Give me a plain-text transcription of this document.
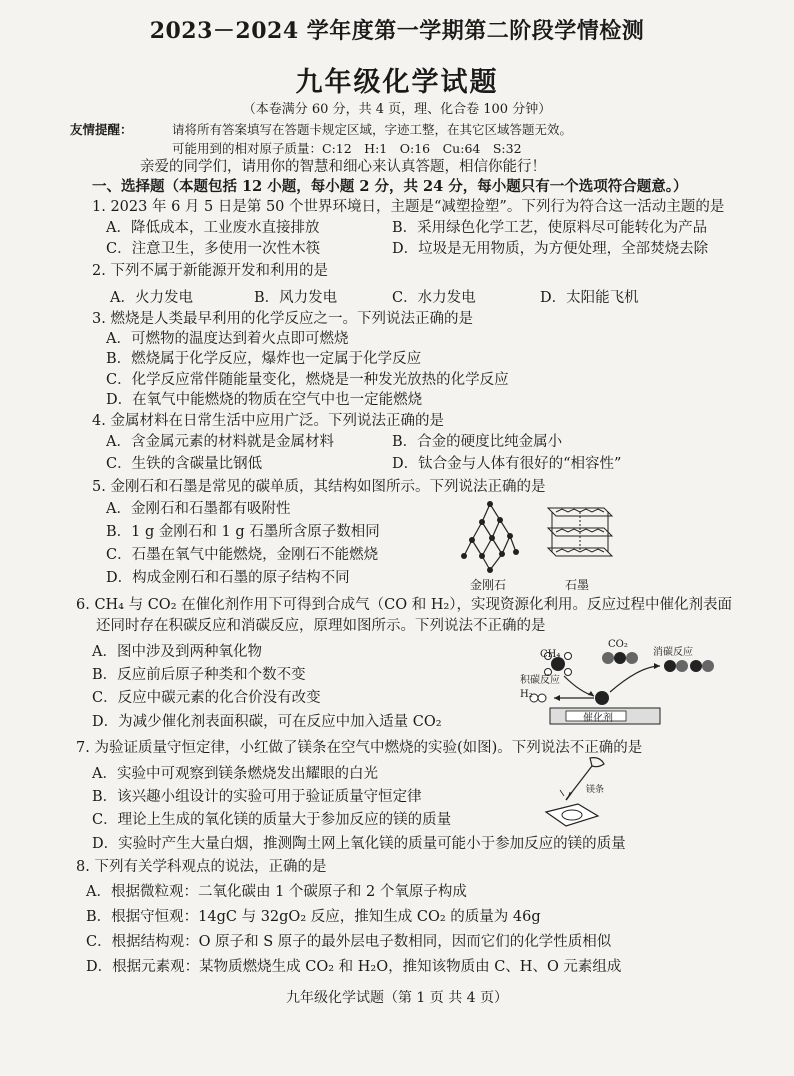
2023－2024 学年度第一学期第二阶段学情检测
九年级化学试题
（本卷满分 60 分，共 4 页，理、化合卷 100 分钟）
友情提醒：	请将所有答案填写在答题卡规定区域，字迹工整，在其它区域答题无效。
可能用到的相对原子质量：C:12　H:1　O:16　Cu:64　S:32
亲爱的同学们，请用你的智慧和细心来认真答题，相信你能行！
一、选择题（本题包括 12 小题，每小题 2 分，共 24 分，每小题只有一个选项符合题意。）
1. 2023 年 6 月 5 日是第 50 个世界环境日，主题是“减塑捡塑”。下列行为符合这一活动主题的是
A．降低成本，工业废水直接排放	B．采用绿色化学工艺，使原料尽可能转化为产品
C．注意卫生，多使用一次性木筷	D．垃圾是无用物质，为方便处理，全部焚烧去除
2. 下列不属于新能源开发和利用的是
A．火力发电	B．风力发电	C．水力发电	D．太阳能飞机
3. 燃烧是人类最早利用的化学反应之一。下列说法正确的是
A．可燃物的温度达到着火点即可燃烧
B．燃烧属于化学反应，爆炸也一定属于化学反应
C．化学反应常伴随能量变化，燃烧是一种发光放热的化学反应
D．在氧气中能燃烧的物质在空气中也一定能燃烧
4. 金属材料在日常生活中应用广泛。下列说法正确的是
A．含金属元素的材料就是金属材料	B．合金的硬度比纯金属小
C．生铁的含碳量比钢低	D．钛合金与人体有很好的“相容性”
5. 金刚石和石墨是常见的碳单质，其结构如图所示。下列说法正确的是
A．金刚石和石墨都有吸附性
B．1 g 金刚石和 1 g 石墨所含原子数相同
C．石墨在氧气中能燃烧，金刚石不能燃烧
D．构成金刚石和石墨的原子结构不同	金刚石	石墨
6. CH₄ 与 CO₂ 在催化剂作用下可得到合成气（CO 和 H₂），实现资源化利用。反应过程中催化剂表面
还同时存在积碳反应和消碳反应，原理如图所示。下列说法不正确的是
A．图中涉及到两种氧化物
B．反应前后原子种类和个数不变
C．反应中碳元素的化合价没有改变
D．为减少催化剂表面积碳，可在反应中加入适量 CO₂
CH₄
CO₂
消碳反应
积碳反应
H₂
催化剂
7. 为验证质量守恒定律，小红做了镁条在空气中燃烧的实验(如图)。下列说法不正确的是
A．实验中可观察到镁条燃烧发出耀眼的白光
B．该兴趣小组设计的实验可用于验证质量守恒定律
C．理论上生成的氧化镁的质量大于参加反应的镁的质量
D．实验时产生大量白烟，推测陶土网上氧化镁的质量可能小于参加反应的镁的质量
镁条
8. 下列有关学科观点的说法，正确的是
A．根据微粒观：二氧化碳由 1 个碳原子和 2 个氧原子构成
B．根据守恒观：14gC 与 32gO₂ 反应，推知生成 CO₂ 的质量为 46g
C．根据结构观：O 原子和 S 原子的最外层电子数相同，因而它们的化学性质相似
D．根据元素观：某物质燃烧生成 CO₂ 和 H₂O，推知该物质由 C、H、O 元素组成
九年级化学试题（第 1 页 共 4 页）
